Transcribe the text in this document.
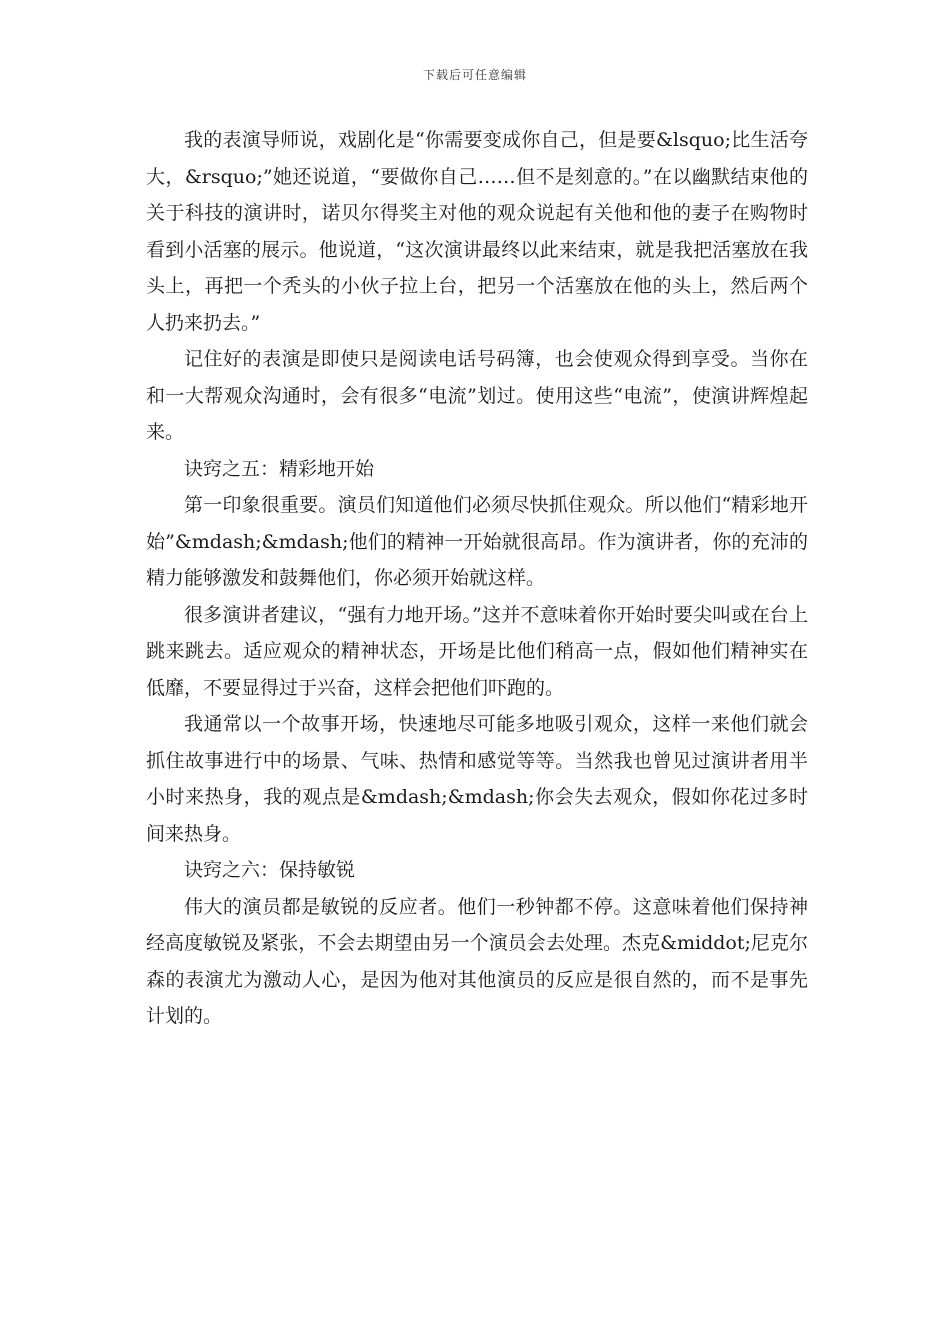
下载后可任意编辑

我的表演导师说，戏剧化是“你需要变成你自己，但是要&lsquo;比生活夸大，&rsquo;”她还说道，“要做你自己……但不是刻意的。”在以幽默结束他的关于科技的演讲时，诺贝尔得奖主对他的观众说起有关他和他的妻子在购物时看到小活塞的展示。他说道，“这次演讲最终以此来结束，就是我把活塞放在我头上，再把一个秃头的小伙子拉上台，把另一个活塞放在他的头上，然后两个人扔来扔去。”

记住好的表演是即使只是阅读电话号码簿，也会使观众得到享受。当你在和一大帮观众沟通时，会有很多“电流”划过。使用这些“电流”，使演讲辉煌起来。

诀窍之五：精彩地开始

第一印象很重要。演员们知道他们必须尽快抓住观众。所以他们“精彩地开始”&mdash;&mdash;他们的精神一开始就很高昂。作为演讲者，你的充沛的精力能够激发和鼓舞他们，你必须开始就这样。

很多演讲者建议，“强有力地开场。”这并不意味着你开始时要尖叫或在台上跳来跳去。适应观众的精神状态，开场是比他们稍高一点，假如他们精神实在低靡，不要显得过于兴奋，这样会把他们吓跑的。

我通常以一个故事开场，快速地尽可能多地吸引观众，这样一来他们就会抓住故事进行中的场景、气味、热情和感觉等等。当然我也曾见过演讲者用半小时来热身，我的观点是&mdash;&mdash;你会失去观众，假如你花过多时间来热身。

诀窍之六：保持敏锐

伟大的演员都是敏锐的反应者。他们一秒钟都不停。这意味着他们保持神经高度敏锐及紧张，不会去期望由另一个演员会去处理。杰克&middot;尼克尔森的表演尤为激动人心，是因为他对其他演员的反应是很自然的，而不是事先计划的。
